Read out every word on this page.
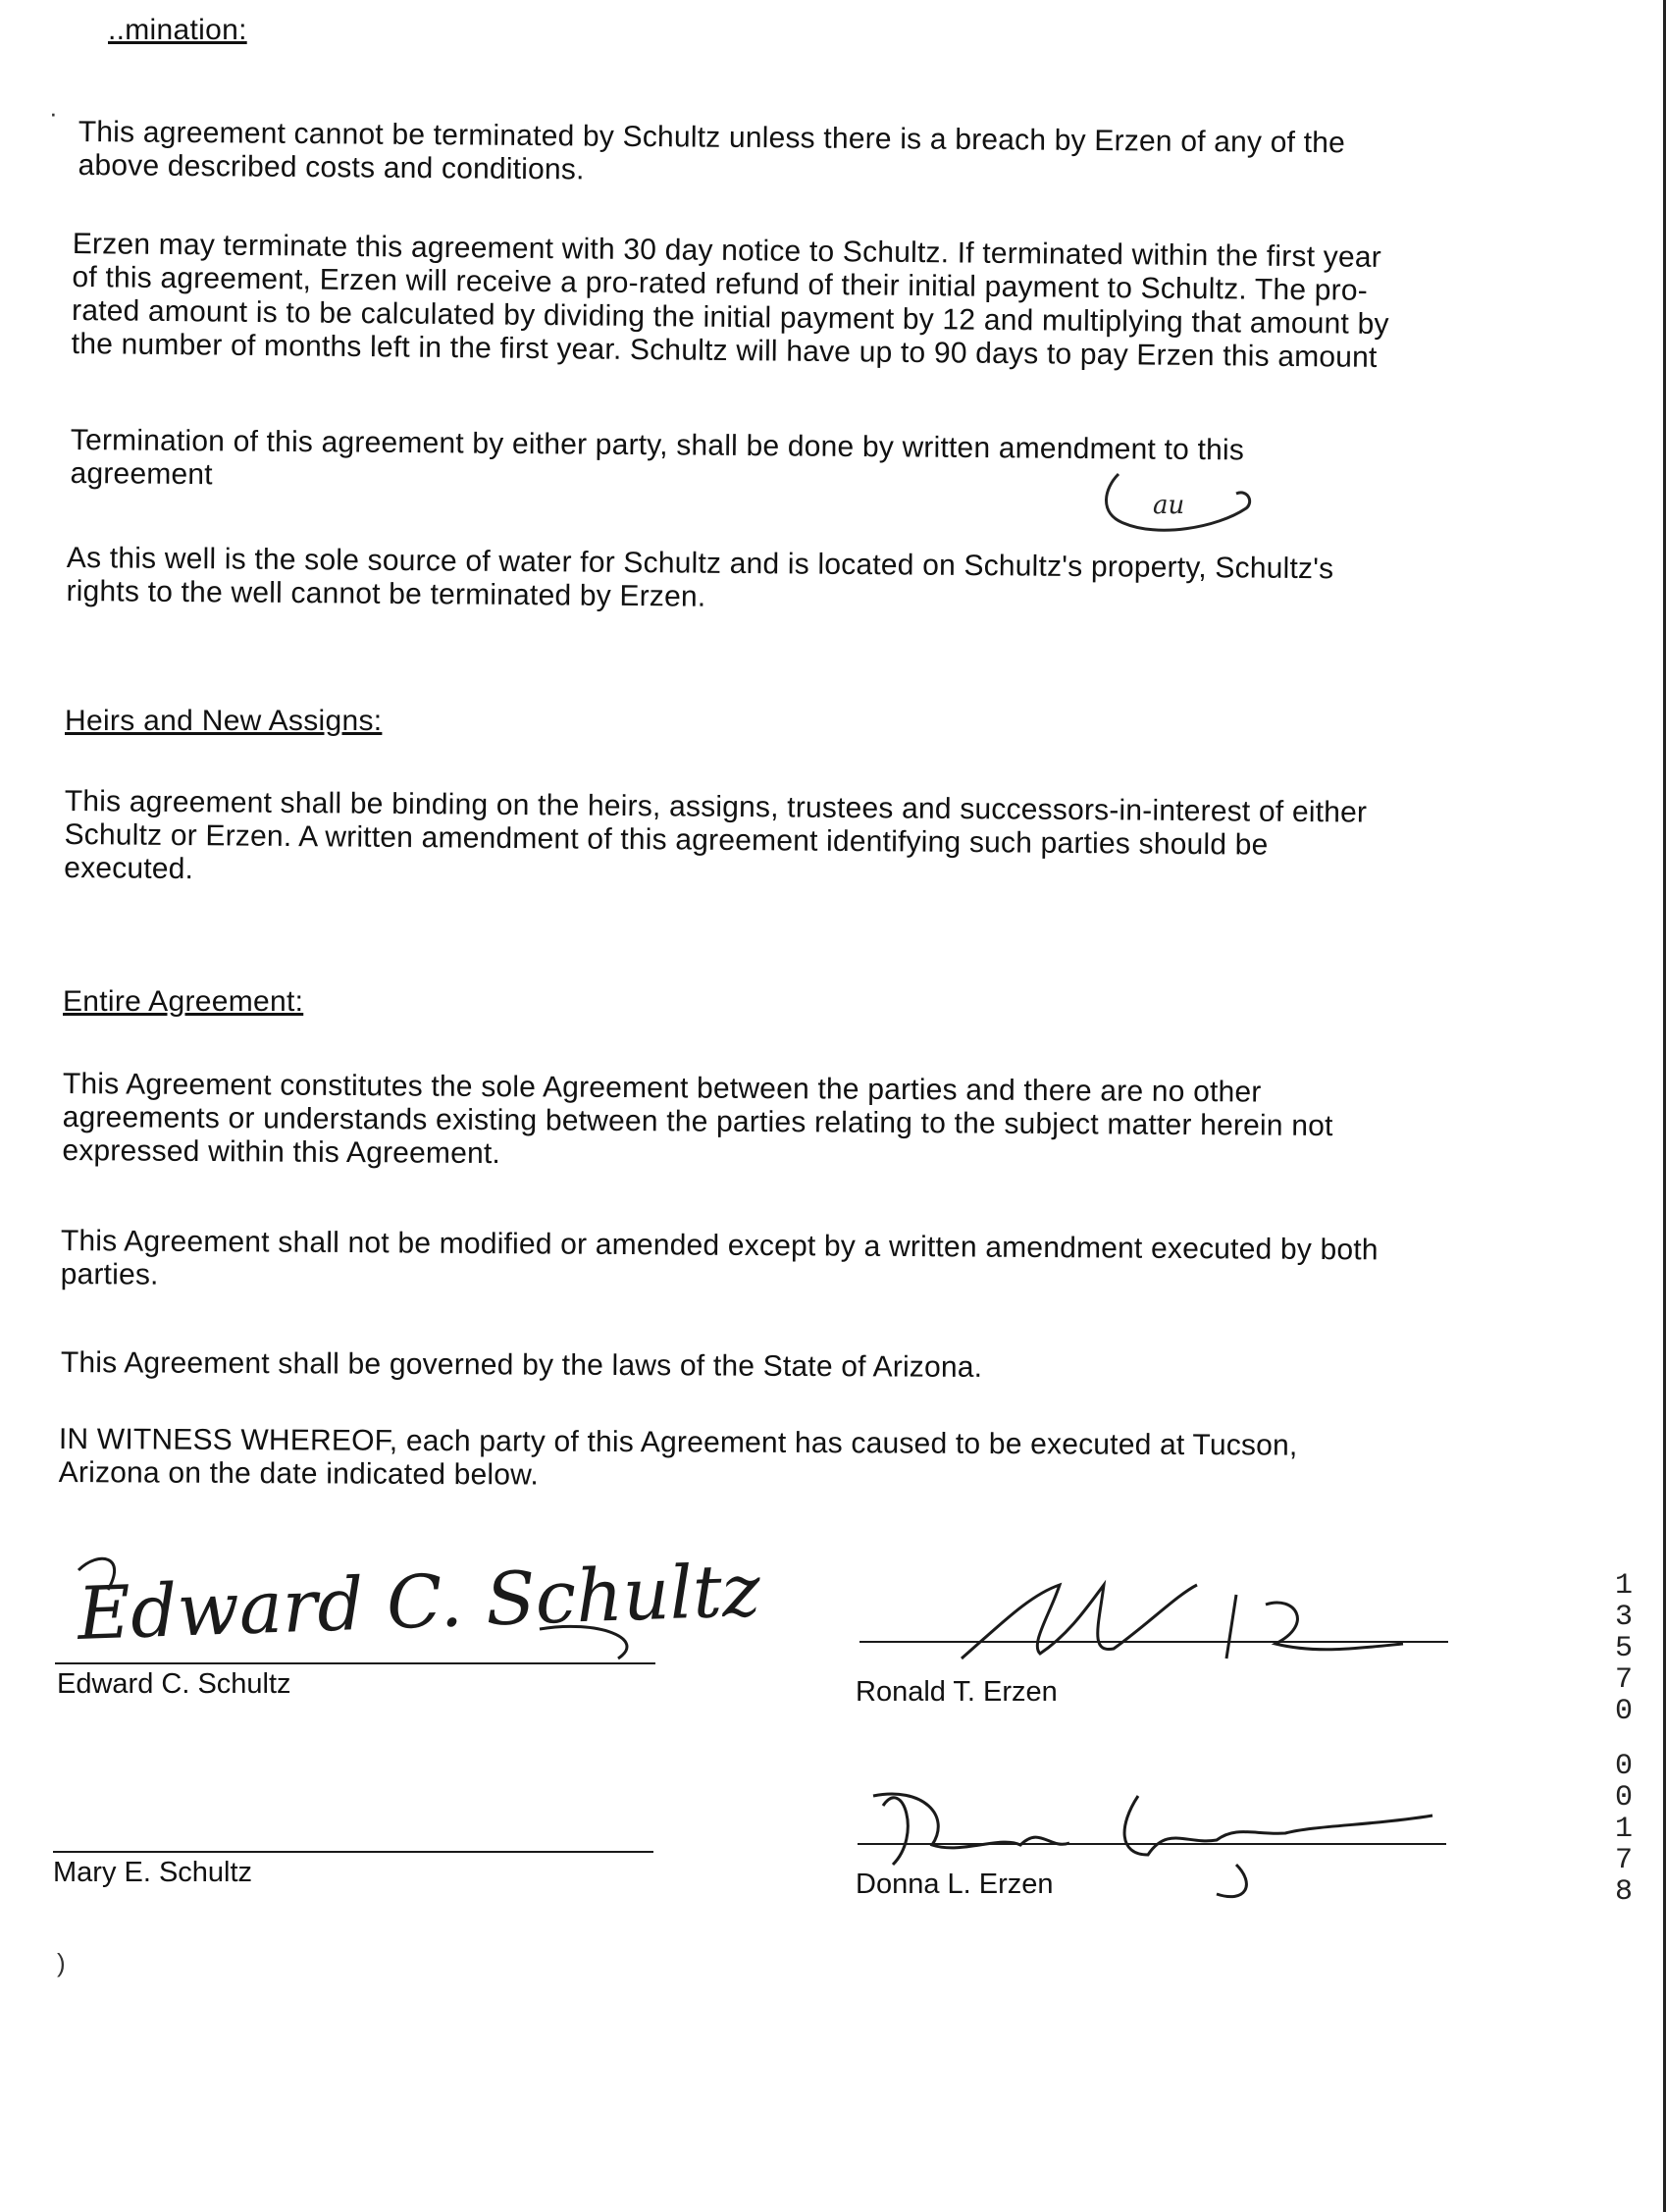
..mination:
·
This agreement cannot be terminated by Schultz unless there is a breach by Erzen of any of the
above described costs and conditions.
Erzen may terminate this agreement with 30 day notice to Schultz. If terminated within the first year
of this agreement, Erzen will receive a pro-rated refund of their initial payment to Schultz. The pro-
rated amount is to be calculated by dividing the initial payment by 12 and multiplying that amount by
the number of months left in the first year. Schultz will have up to 90 days to pay Erzen this amount
Termination of this agreement by either party, shall be done by written amendment to this
agreement
au
As this well is the sole source of water for Schultz and is located on Schultz's property, Schultz's
rights to the well cannot be terminated by Erzen.
Heirs and New Assigns:
This agreement shall be binding on the heirs, assigns, trustees and successors-in-interest of either
Schultz or Erzen. A written amendment of this agreement identifying such parties should be
executed.
Entire Agreement:
This Agreement constitutes the sole Agreement between the parties and there are no other
agreements or understands existing between the parties relating to the subject matter herein not
expressed within this Agreement.
This Agreement shall not be modified or amended except by a written amendment executed by both
parties.
This Agreement shall be governed by the laws of the State of Arizona.
IN WITNESS WHEREOF, each party of this Agreement has caused to be executed at Tucson,
Arizona on the date indicated below.
Edward C. Schultz
Edward C. Schultz	Ronald T. Erzen
Mary E. Schultz	Donna L. Erzen
)
1
3
5
7
0
0
0
1
7
8
